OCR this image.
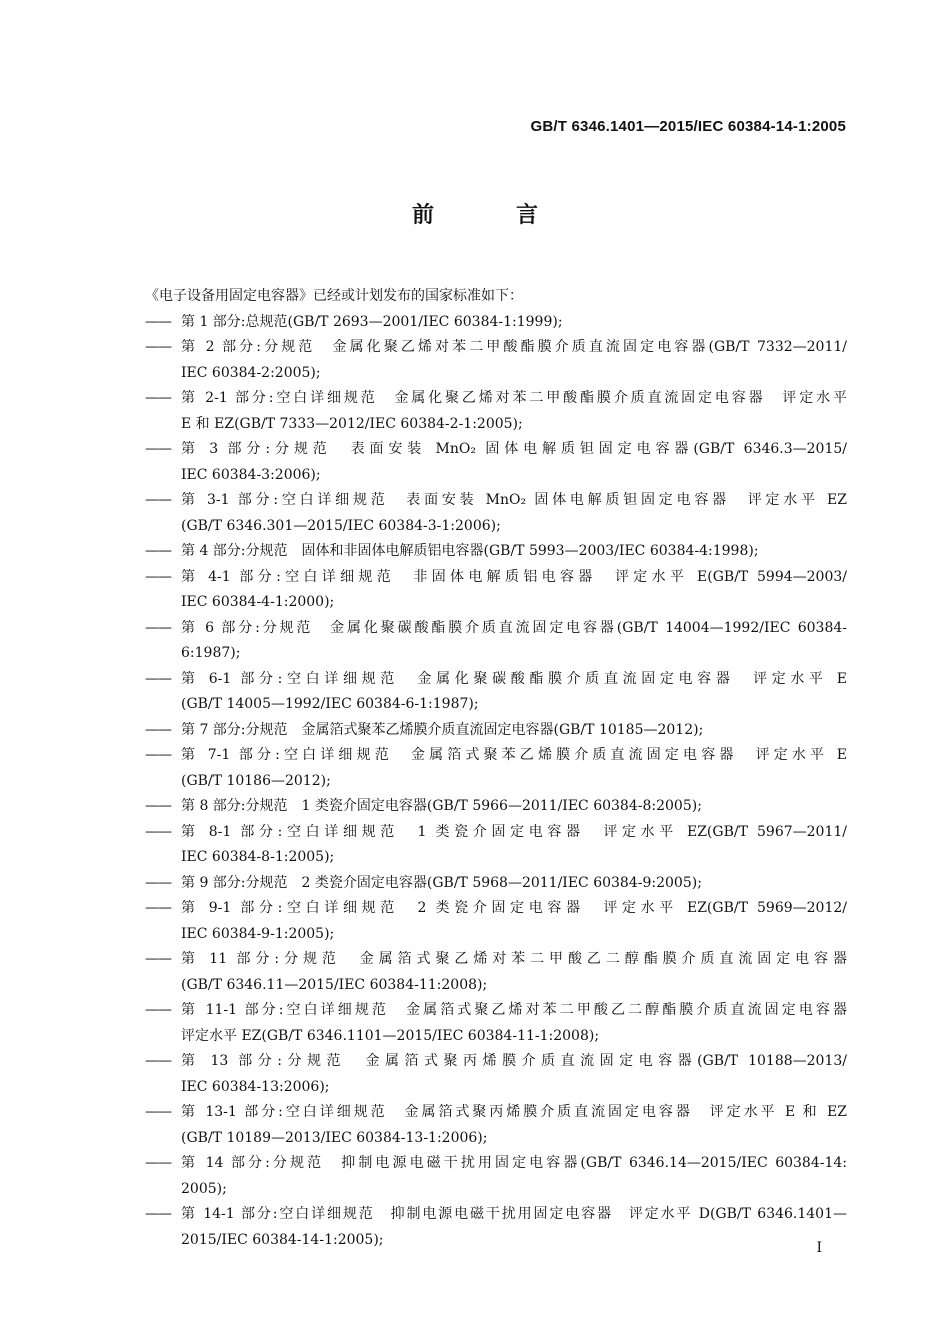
GB/T 6346.1401—2015/IEC 60384-14-1:2005
前　言
《电子设备用固定电容器》已经或计划发布的国家标准如下：
—— 第 1 部分:总规范(GB/T 2693—2001/IEC 60384-1:1999);
—— 第 2 部分:分规范　金属化聚乙烯对苯二甲酸酯膜介质直流固定电容器(GB/T 7332—2011/
IEC 60384-2:2005);
—— 第 2-1 部分:空白详细规范　金属化聚乙烯对苯二甲酸酯膜介质直流固定电容器　评定水平
E 和 EZ(GB/T 7333—2012/IEC 60384-2-1:2005);
—— 第 3 部分:分规范　表面安装 MnO₂ 固体电解质钽固定电容器(GB/T 6346.3—2015/
IEC 60384-3:2006);
—— 第 3-1 部分:空白详细规范　表面安装 MnO₂ 固体电解质钽固定电容器　评定水平 EZ
(GB/T 6346.301—2015/IEC 60384-3-1:2006);
—— 第 4 部分:分规范　固体和非固体电解质铝电容器(GB/T 5993—2003/IEC 60384-4:1998);
—— 第 4-1 部分:空白详细规范　非固体电解质铝电容器　评定水平 E(GB/T 5994—2003/
IEC 60384-4-1:2000);
—— 第 6 部分:分规范　金属化聚碳酸酯膜介质直流固定电容器(GB/T 14004—1992/IEC 60384-
6:1987);
—— 第 6-1 部分:空白详细规范　金属化聚碳酸酯膜介质直流固定电容器　评定水平 E
(GB/T 14005—1992/IEC 60384-6-1:1987);
—— 第 7 部分:分规范　金属箔式聚苯乙烯膜介质直流固定电容器(GB/T 10185—2012);
—— 第 7-1 部分:空白详细规范　金属箔式聚苯乙烯膜介质直流固定电容器　评定水平 E
(GB/T 10186—2012);
—— 第 8 部分:分规范　1 类瓷介固定电容器(GB/T 5966—2011/IEC 60384-8:2005);
—— 第 8-1 部分:空白详细规范　1 类瓷介固定电容器　评定水平 EZ(GB/T 5967—2011/
IEC 60384-8-1:2005);
—— 第 9 部分:分规范　2 类瓷介固定电容器(GB/T 5968—2011/IEC 60384-9:2005);
—— 第 9-1 部分:空白详细规范　2 类瓷介固定电容器　评定水平 EZ(GB/T 5969—2012/
IEC 60384-9-1:2005);
—— 第 11 部分:分规范　金属箔式聚乙烯对苯二甲酸乙二醇酯膜介质直流固定电容器
(GB/T 6346.11—2015/IEC 60384-11:2008);
—— 第 11-1 部分:空白详细规范　金属箔式聚乙烯对苯二甲酸乙二醇酯膜介质直流固定电容器
评定水平 EZ(GB/T 6346.1101—2015/IEC 60384-11-1:2008);
—— 第 13 部分:分规范　金属箔式聚丙烯膜介质直流固定电容器(GB/T 10188—2013/
IEC 60384-13:2006);
—— 第 13-1 部分:空白详细规范　金属箔式聚丙烯膜介质直流固定电容器　评定水平 E 和 EZ
(GB/T 10189—2013/IEC 60384-13-1:2006);
—— 第 14 部分:分规范　抑制电源电磁干扰用固定电容器(GB/T 6346.14—2015/IEC 60384-14:
2005);
—— 第 14-1 部分:空白详细规范　抑制电源电磁干扰用固定电容器　评定水平 D(GB/T 6346.1401—
2015/IEC 60384-14-1:2005);
I
